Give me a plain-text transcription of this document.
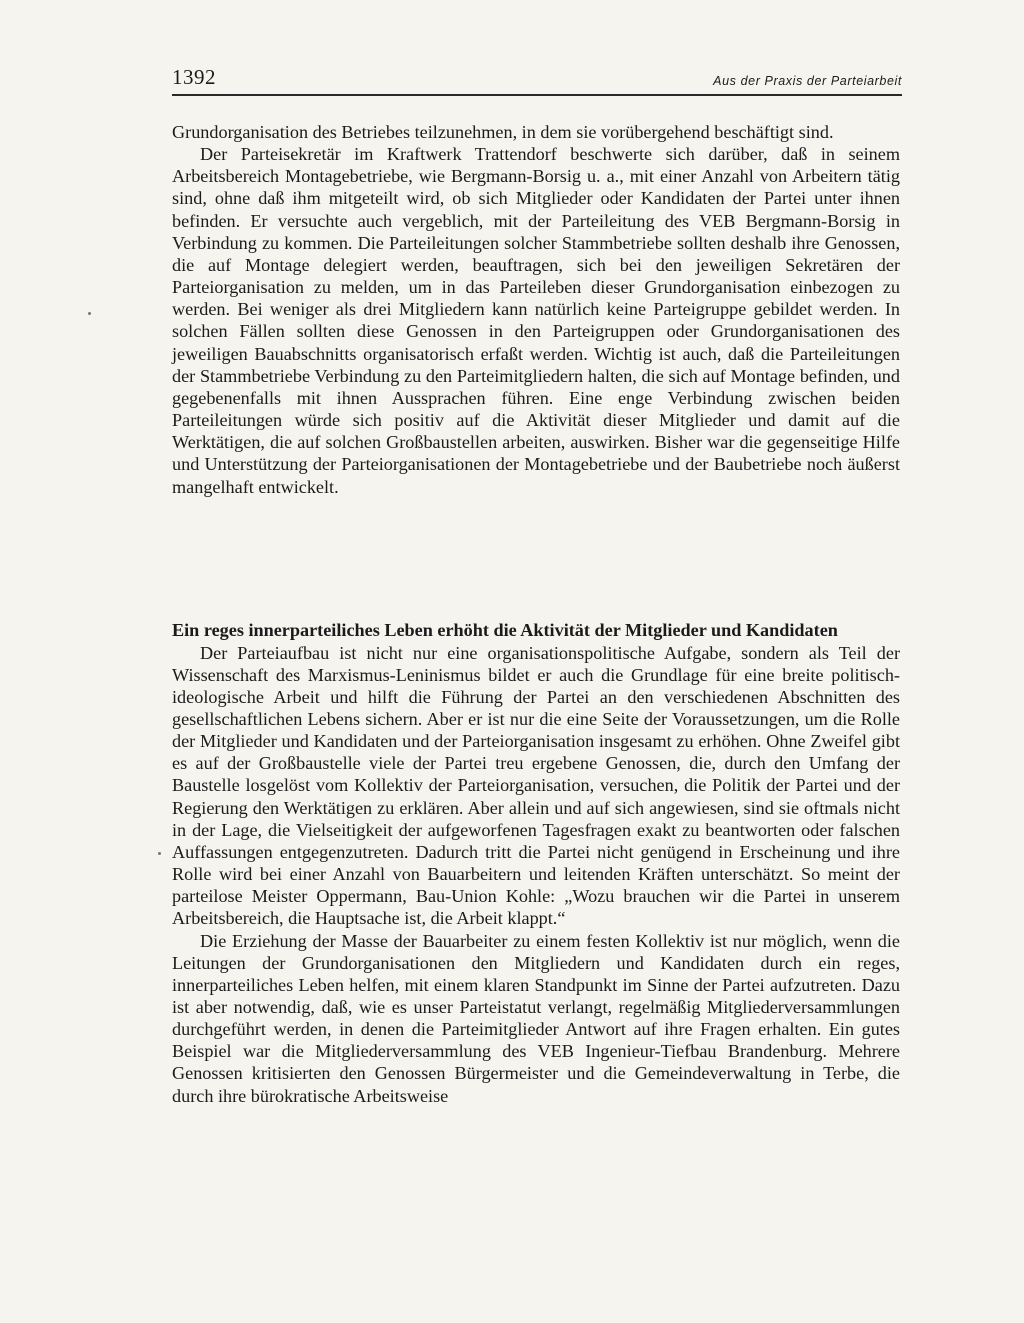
1392	Aus der Praxis der Parteiarbeit

Grundorganisation des Betriebes teilzunehmen, in dem sie vorübergehend beschäftigt sind.

Der Parteisekretär im Kraftwerk Trattendorf beschwerte sich darüber, daß in seinem Arbeitsbereich Montagebetriebe, wie Bergmann-Borsig u. a., mit einer Anzahl von Arbeitern tätig sind, ohne daß ihm mitgeteilt wird, ob sich Mitglieder oder Kandidaten der Partei unter ihnen befinden. Er versuchte auch vergeblich, mit der Parteileitung des VEB Bergmann-Borsig in Verbindung zu kommen. Die Parteileitungen solcher Stammbetriebe sollten deshalb ihre Genossen, die auf Montage delegiert werden, beauftragen, sich bei den jeweiligen Sekretären der Parteiorganisation zu melden, um in das Parteileben dieser Grundorganisation einbezogen zu werden. Bei weniger als drei Mitgliedern kann natürlich keine Parteigruppe gebildet werden. In solchen Fällen sollten diese Genossen in den Parteigruppen oder Grundorganisationen des jeweiligen Bauabschnitts organisatorisch erfaßt werden. Wichtig ist auch, daß die Parteileitungen der Stammbetriebe Verbindung zu den Parteimitgliedern halten, die sich auf Montage befinden, und gegebenenfalls mit ihnen Aussprachen führen. Eine enge Verbindung zwischen beiden Parteileitungen würde sich positiv auf die Aktivität dieser Mitglieder und damit auf die Werktätigen, die auf solchen Großbaustellen arbeiten, auswirken. Bisher war die gegenseitige Hilfe und Unterstützung der Parteiorganisationen der Montagebetriebe und der Baubetriebe noch äußerst mangelhaft entwickelt.

Ein reges innerparteiliches Leben erhöht die Aktivität der Mitglieder und Kandidaten

Der Parteiaufbau ist nicht nur eine organisationspolitische Aufgabe, sondern als Teil der Wissenschaft des Marxismus-Leninismus bildet er auch die Grundlage für eine breite politisch-ideologische Arbeit und hilft die Führung der Partei an den verschiedenen Abschnitten des gesellschaftlichen Lebens sichern. Aber er ist nur die eine Seite der Voraussetzungen, um die Rolle der Mitglieder und Kandidaten und der Parteiorganisation insgesamt zu erhöhen. Ohne Zweifel gibt es auf der Großbaustelle viele der Partei treu ergebene Genossen, die, durch den Umfang der Baustelle losgelöst vom Kollektiv der Parteiorganisation, versuchen, die Politik der Partei und der Regierung den Werktätigen zu erklären. Aber allein und auf sich angewiesen, sind sie oftmals nicht in der Lage, die Vielseitigkeit der aufgeworfenen Tagesfragen exakt zu beantworten oder falschen Auffassungen entgegenzutreten. Dadurch tritt die Partei nicht genügend in Erscheinung und ihre Rolle wird bei einer Anzahl von Bauarbeitern und leitenden Kräften unterschätzt. So meint der parteilose Meister Oppermann, Bau-Union Kohle: „Wozu brauchen wir die Partei in unserem Arbeitsbereich, die Hauptsache ist, die Arbeit klappt.“

Die Erziehung der Masse der Bauarbeiter zu einem festen Kollektiv ist nur möglich, wenn die Leitungen der Grundorganisationen den Mitgliedern und Kandidaten durch ein reges, innerparteiliches Leben helfen, mit einem klaren Standpunkt im Sinne der Partei aufzutreten. Dazu ist aber notwendig, daß, wie es unser Parteistatut verlangt, regelmäßig Mitgliederversammlungen durchgeführt werden, in denen die Parteimitglieder Antwort auf ihre Fragen erhalten. Ein gutes Beispiel war die Mitgliederversammlung des VEB Ingenieur-Tiefbau Brandenburg. Mehrere Genossen kritisierten den Genossen Bürgermeister und die Gemeindeverwaltung in Terbe, die durch ihre bürokratische Arbeitsweise
